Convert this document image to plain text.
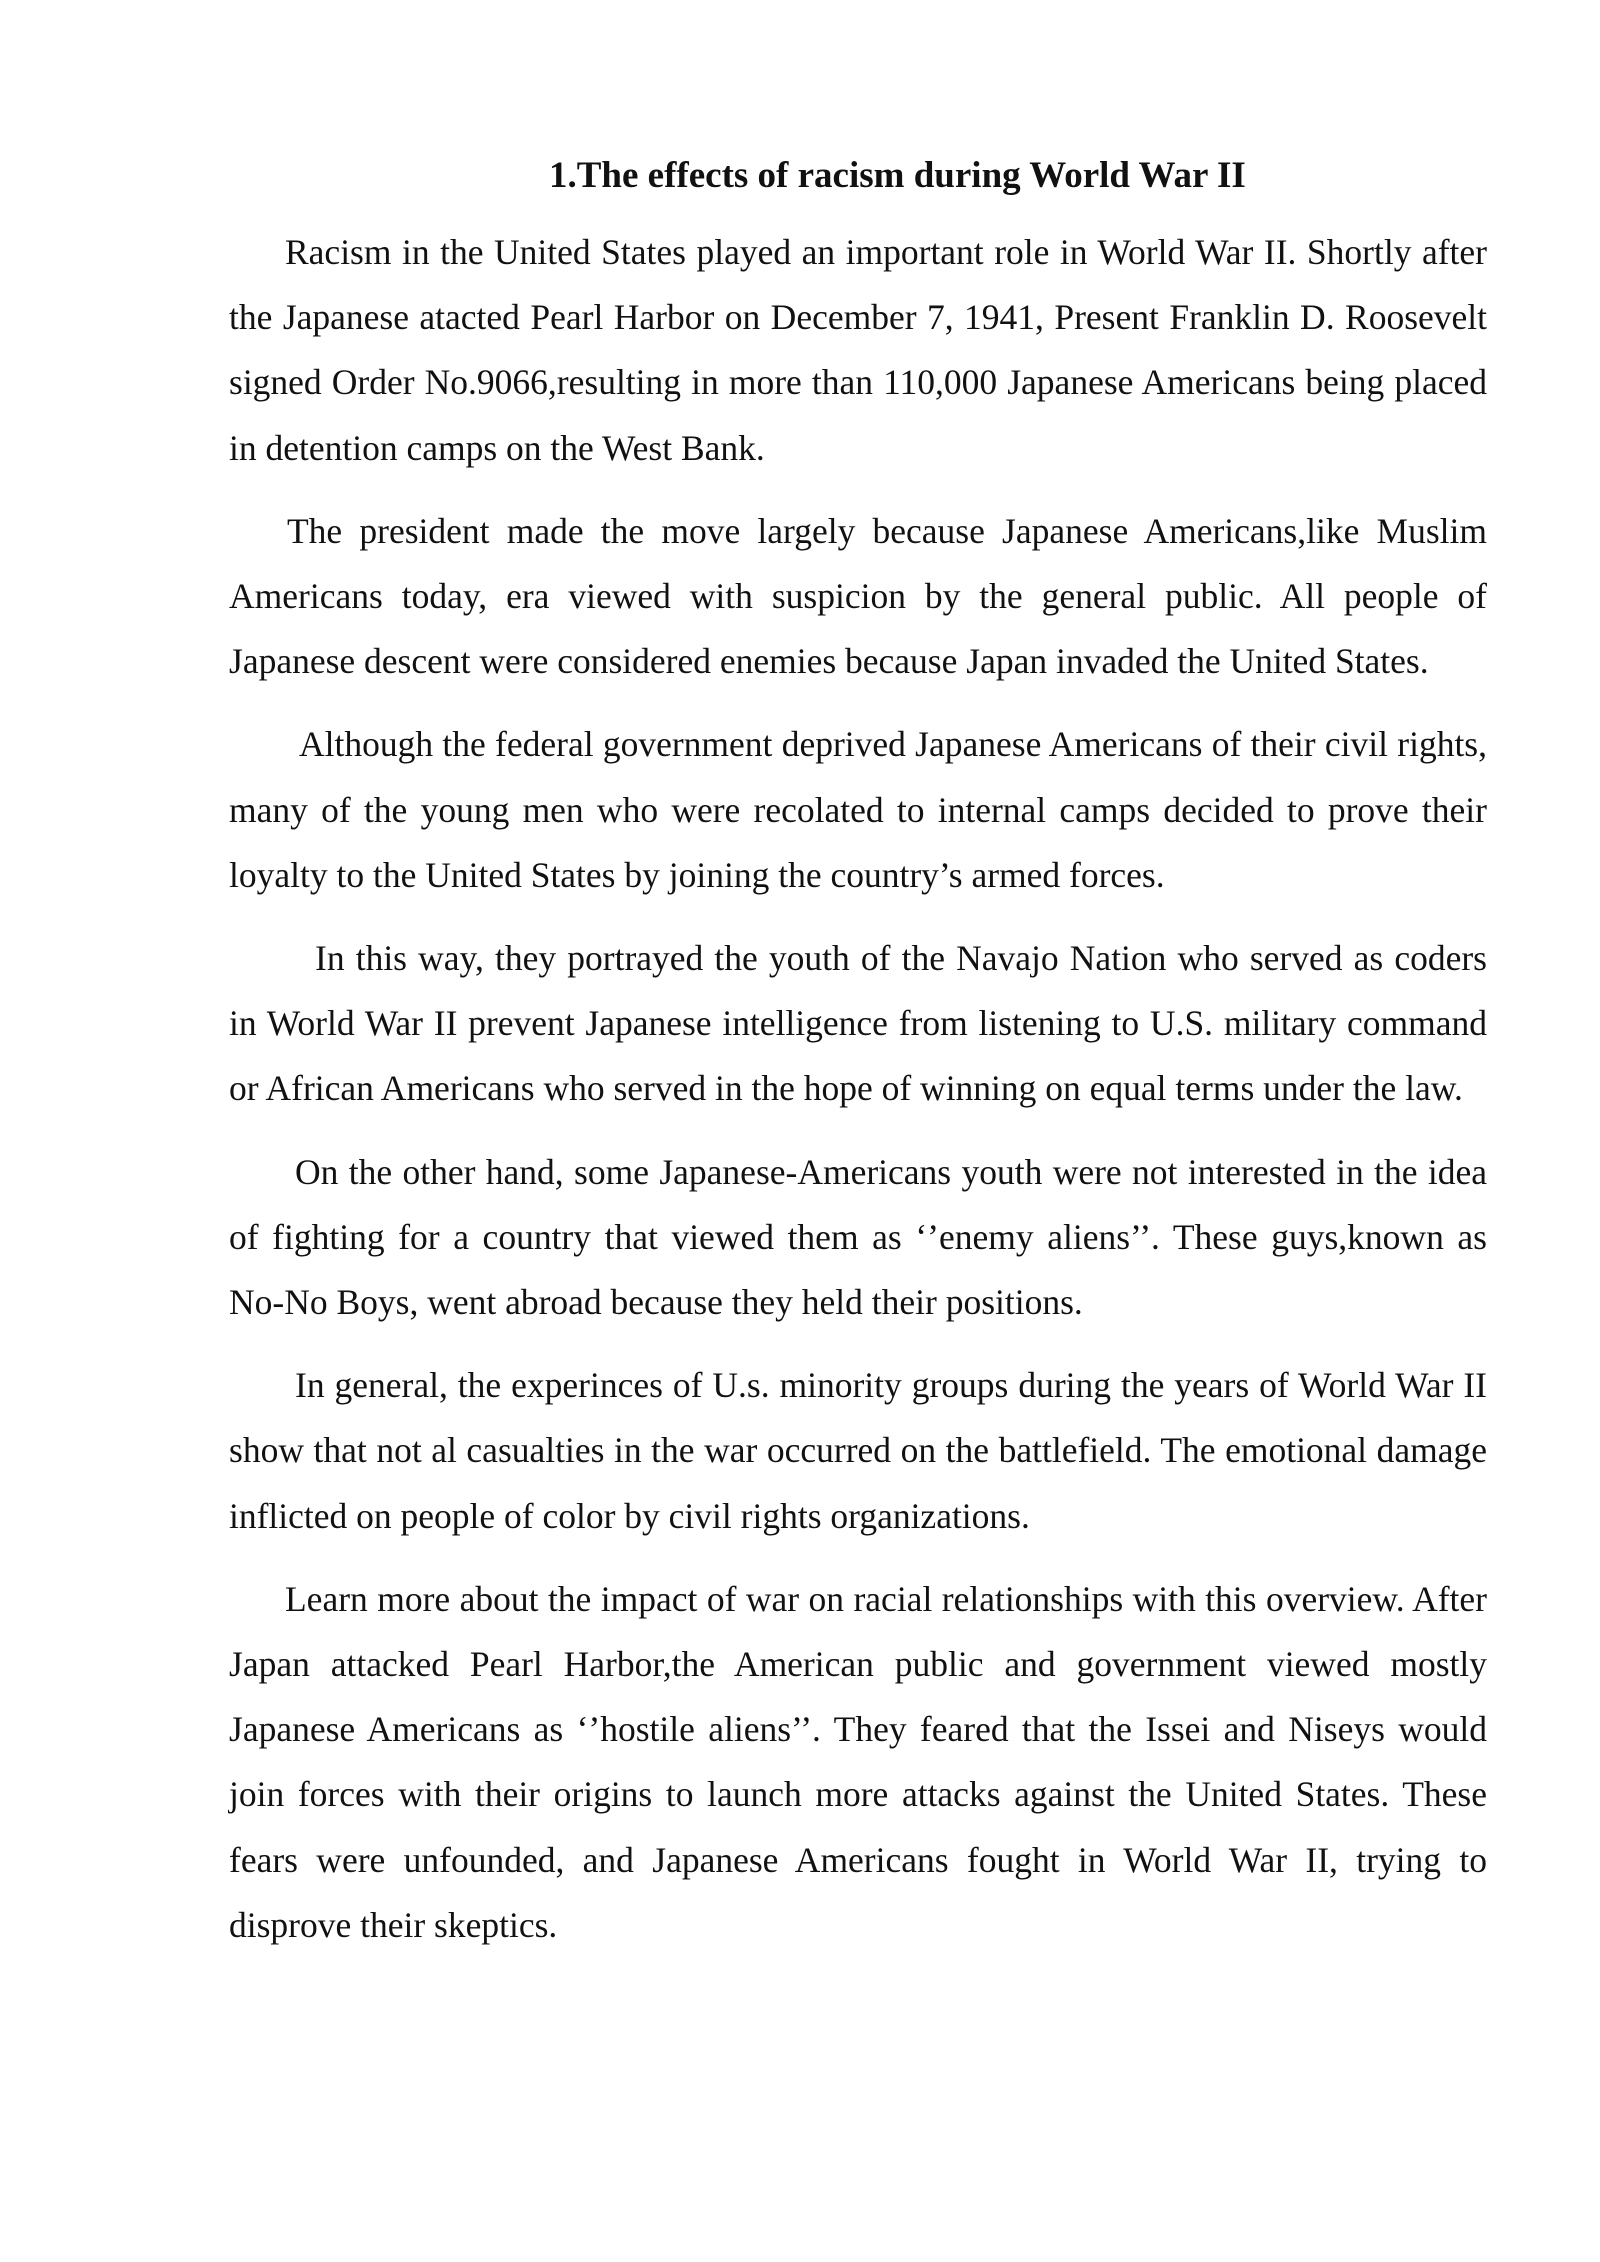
1.The effects of racism during World War II

Racism in the United States played an important role in World War II. Shortly after the Japanese atacted Pearl Harbor on December 7, 1941, Present Franklin D. Roosevelt signed Order No.9066,resulting in more than 110,000 Japanese Americans being placed in detention camps on the West Bank.

The president made the move largely because Japanese Americans,like Muslim Americans today, era viewed with suspicion by the general public. All people of Japanese descent were considered enemies because Japan invaded the United States.

Although the federal government deprived Japanese Americans of their civil rights, many of the young men who were recolated to internal camps decided to prove their loyalty to the United States by joining the country’s armed forces.

In this way, they portrayed the youth of the Navajo Nation who served as coders in World War II prevent Japanese intelligence from listening to U.S. military command or African Americans who served in the hope of winning on equal terms under the law.

On the other hand, some Japanese-Americans youth were not interested in the idea of fighting for a country that viewed them as ‘’enemy aliens’’. These guys,known as No-No Boys, went abroad because they held their positions.

In general, the experinces of U.s. minority groups during the years of World War II show that not al casualties in the war occurred on the battlefield. The emotional damage inflicted on people of color by civil rights organizations.

Learn more about the impact of war on racial relationships with this overview. After Japan attacked Pearl Harbor,the American public and government viewed mostly Japanese Americans as ‘’hostile aliens’’. They feared that the Issei and Niseys would join forces with their origins to launch more attacks against the United States. These fears were unfounded, and Japanese Americans fought in World War II, trying to disprove their skeptics.
